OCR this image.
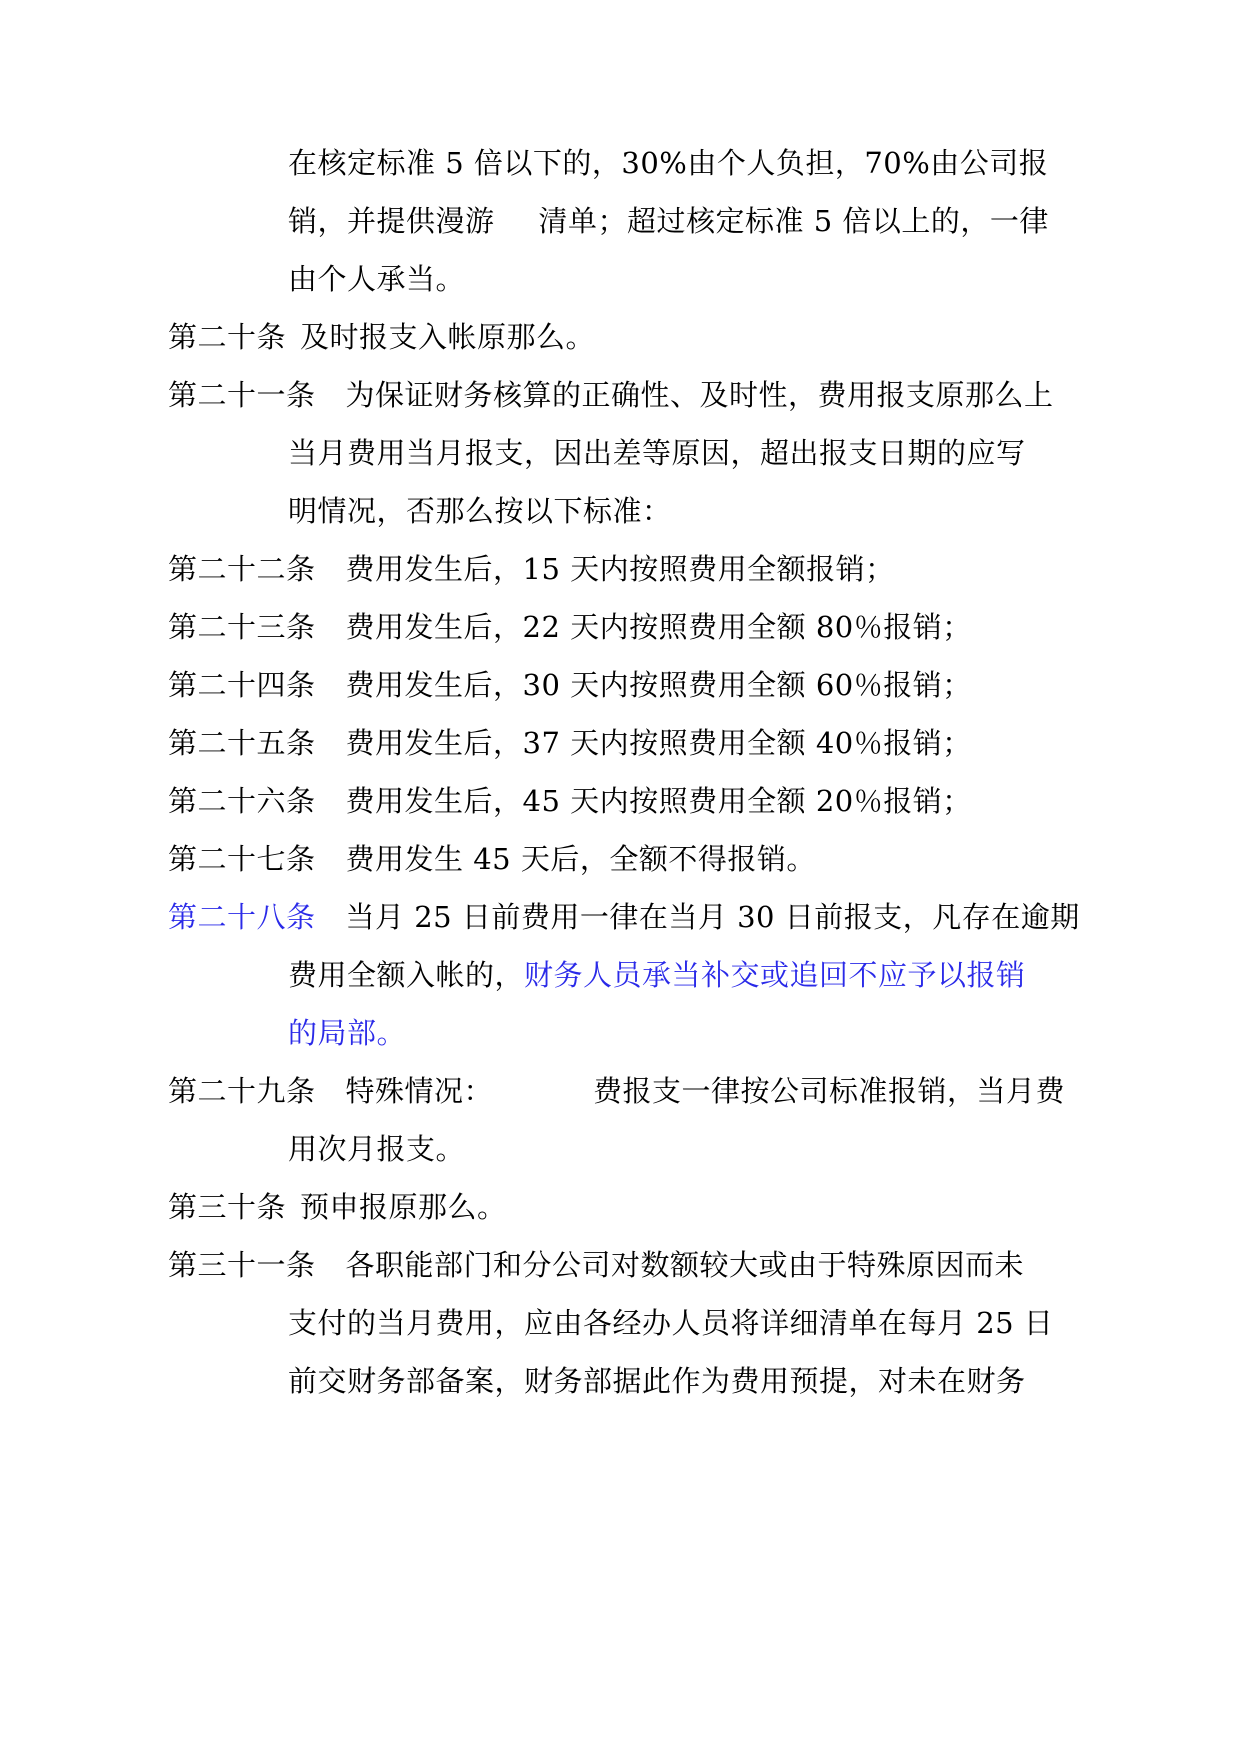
在核定标准 5 倍以下的，30%由个人负担，70%由公司报
销，并提供漫游 清单；超过核定标准 5 倍以上的，一律
由个人承当。
第二十条 及时报支入帐原那么。
第二十一条 为保证财务核算的正确性、及时性，费用报支原那么上
当月费用当月报支，因出差等原因，超出报支日期的应写
明情况，否那么按以下标准：
第二十二条 费用发生后，15 天内按照费用全额报销；
第二十三条 费用发生后，22 天内按照费用全额 80％报销；
第二十四条 费用发生后，30 天内按照费用全额 60％报销；
第二十五条 费用发生后，37 天内按照费用全额 40％报销；
第二十六条 费用发生后，45 天内按照费用全额 20％报销；
第二十七条 费用发生 45 天后，全额不得报销。
第二十八条 当月 25 日前费用一律在当月 30 日前报支，凡存在逾期
费用全额入帐的，财务人员承当补交或追回不应予以报销
的局部。
第二十九条 特殊情况：	费报支一律按公司标准报销，当月费
用次月报支。
第三十条 预申报原那么。
第三十一条 各职能部门和分公司对数额较大或由于特殊原因而未
支付的当月费用，应由各经办人员将详细清单在每月 25 日
前交财务部备案，财务部据此作为费用预提，对未在财务
